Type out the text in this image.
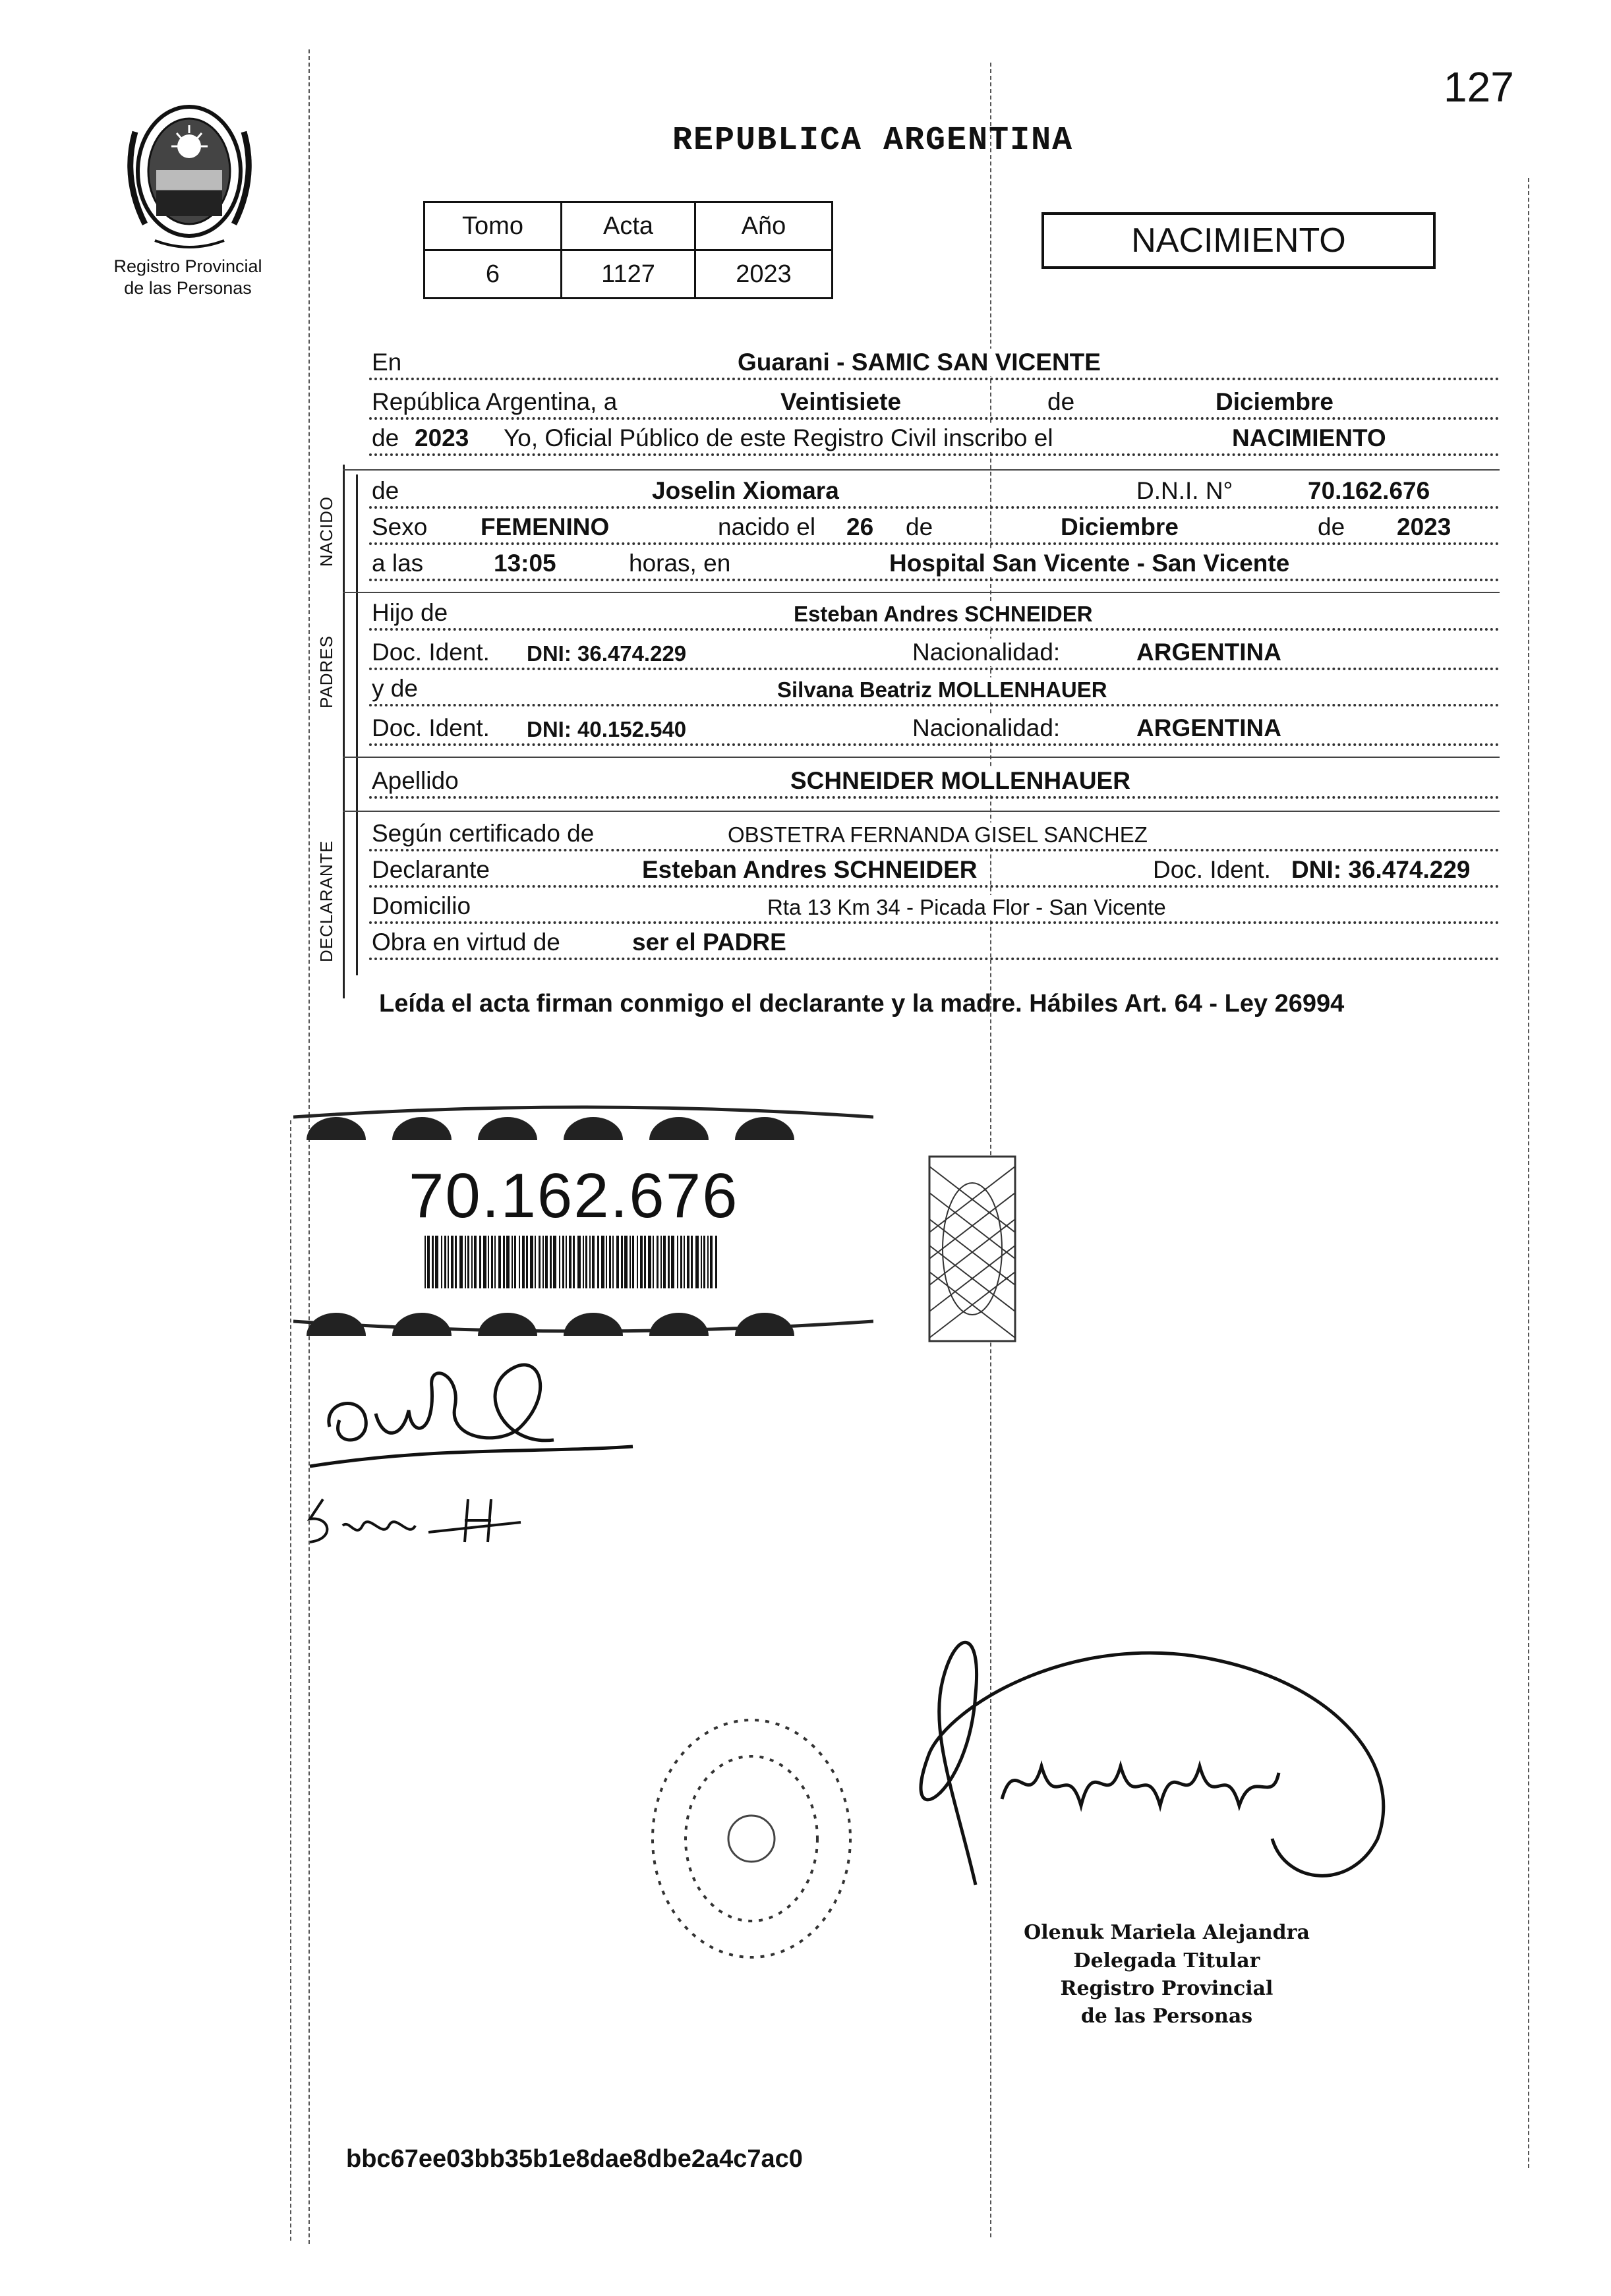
127
Registro Provincial
de las Personas
REPUBLICA ARGENTINA
Tomo	Acta	Año
6	1127	2023
NACIMIENTO
NACIDO
PADRES
DECLARANTE
En	Guarani - SAMIC SAN VICENTE
República Argentina, a	Veintisiete	de	Diciembre
de 2023 Yo, Oficial Público de este Registro Civil inscribo el	NACIMIENTO
de	Joselin Xiomara	D.N.I. N°	70.162.676
Sexo FEMENINO	nacido el 26 de	Diciembre	de 2023
a las	13:05	horas, en	Hospital San Vicente - San Vicente
Hijo de	Esteban Andres SCHNEIDER
Doc. Ident. DNI: 36.474.229	Nacionalidad:	ARGENTINA
y de	Silvana Beatriz MOLLENHAUER
Doc. Ident. DNI: 40.152.540	Nacionalidad:	ARGENTINA
Apellido	SCHNEIDER MOLLENHAUER
Según certificado de	OBSTETRA FERNANDA GISEL SANCHEZ
Declarante	Esteban Andres SCHNEIDER	Doc. Ident. DNI: 36.474.229
Domicilio	Rta 13 Km 34 - Picada Flor - San Vicente
Obra en virtud de	ser el PADRE
Leída el acta firman conmigo el declarante y la madre. Hábiles Art. 64 - Ley 26994
70.162.676
Olenuk Mariela Alejandra
Delegada Titular
Registro Provincial
de las Personas
bbc67ee03bb35b1e8dae8dbe2a4c7ac0
